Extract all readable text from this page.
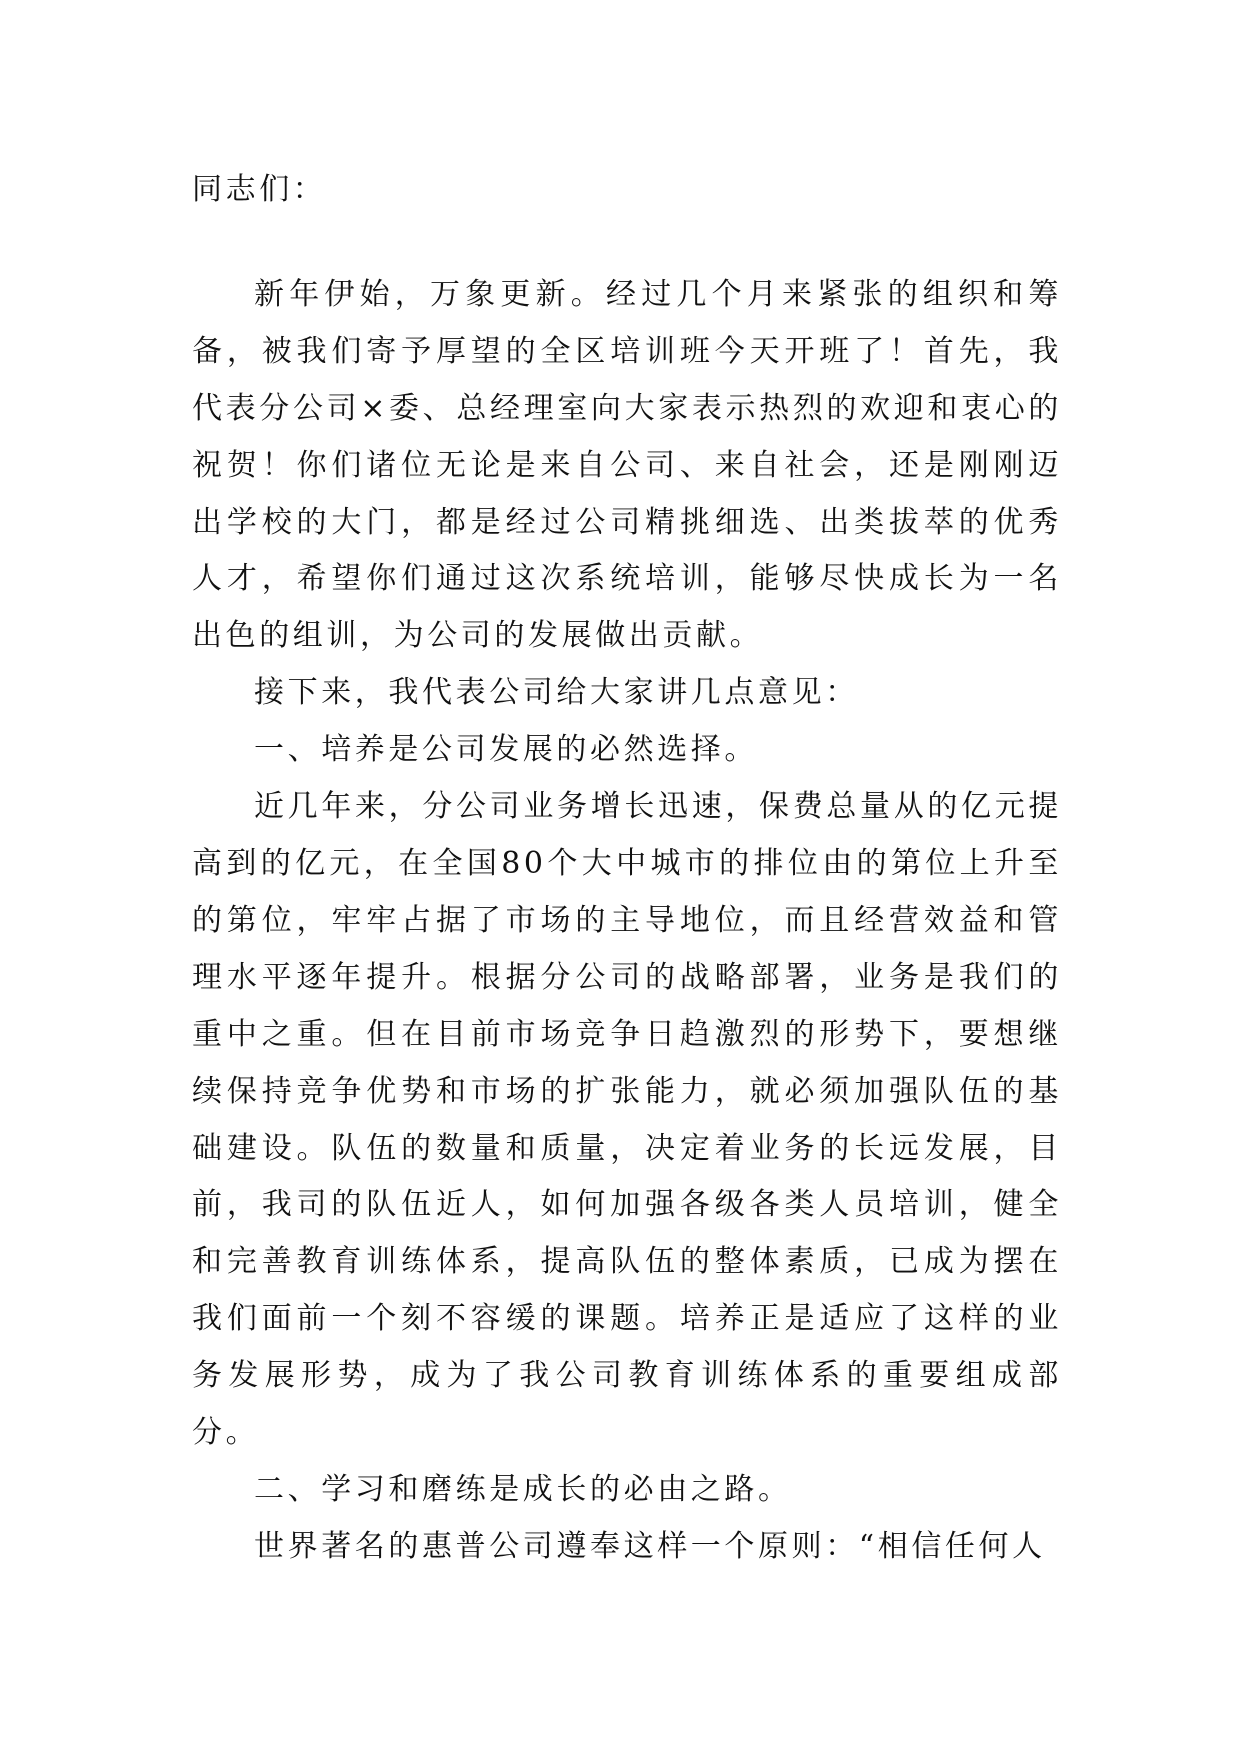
同志们：

新年伊始，万象更新。经过几个月来紧张的组织和筹备，被我们寄予厚望的全区培训班今天开班了！首先，我代表分公司×委、总经理室向大家表示热烈的欢迎和衷心的祝贺！你们诸位无论是来自公司、来自社会，还是刚刚迈出学校的大门，都是经过公司精挑细选、出类拔萃的优秀人才，希望你们通过这次系统培训，能够尽快成长为一名出色的组训，为公司的发展做出贡献。

接下来，我代表公司给大家讲几点意见：

一、培养是公司发展的必然选择。

近几年来，分公司业务增长迅速，保费总量从的亿元提高到的亿元，在全国80个大中城市的排位由的第位上升至的第位，牢牢占据了市场的主导地位，而且经营效益和管理水平逐年提升。根据分公司的战略部署，业务是我们的重中之重。但在目前市场竞争日趋激烈的形势下，要想继续保持竞争优势和市场的扩张能力，就必须加强队伍的基础建设。队伍的数量和质量，决定着业务的长远发展，目前，我司的队伍近人，如何加强各级各类人员培训，健全和完善教育训练体系，提高队伍的整体素质，已成为摆在我们面前一个刻不容缓的课题。培养正是适应了这样的业务发展形势，成为了我公司教育训练体系的重要组成部分。

二、学习和磨练是成长的必由之路。

世界著名的惠普公司遵奉这样一个原则：“相信任何人
